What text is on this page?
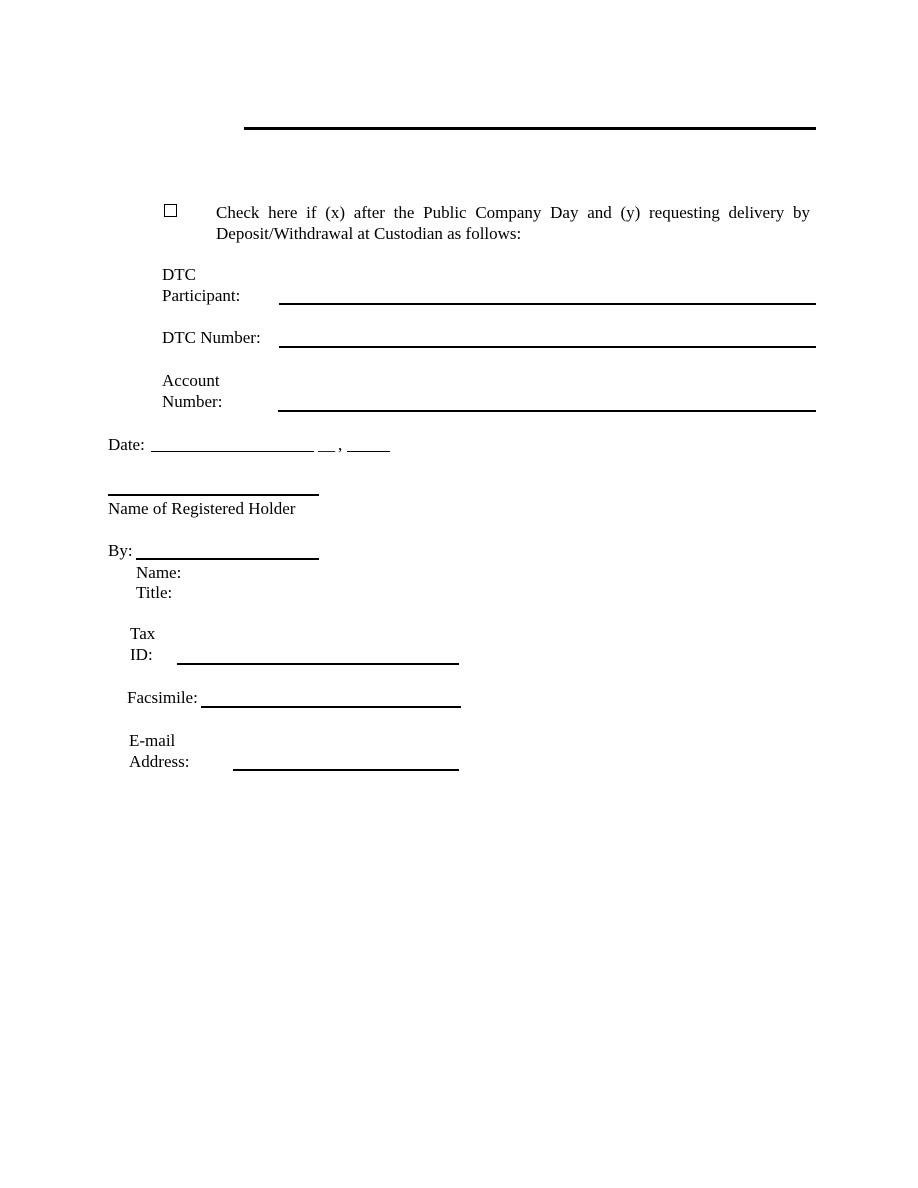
Check here if (x) after the Public Company Day and (y) requesting delivery by
Deposit/Withdrawal at Custodian as follows:
DTC
Participant:
DTC Number:
Account
Number:
Date:	__ ,
Name of Registered Holder
By:
Name:
Title:
Tax
ID:
Facsimile:
E-mail
Address:
